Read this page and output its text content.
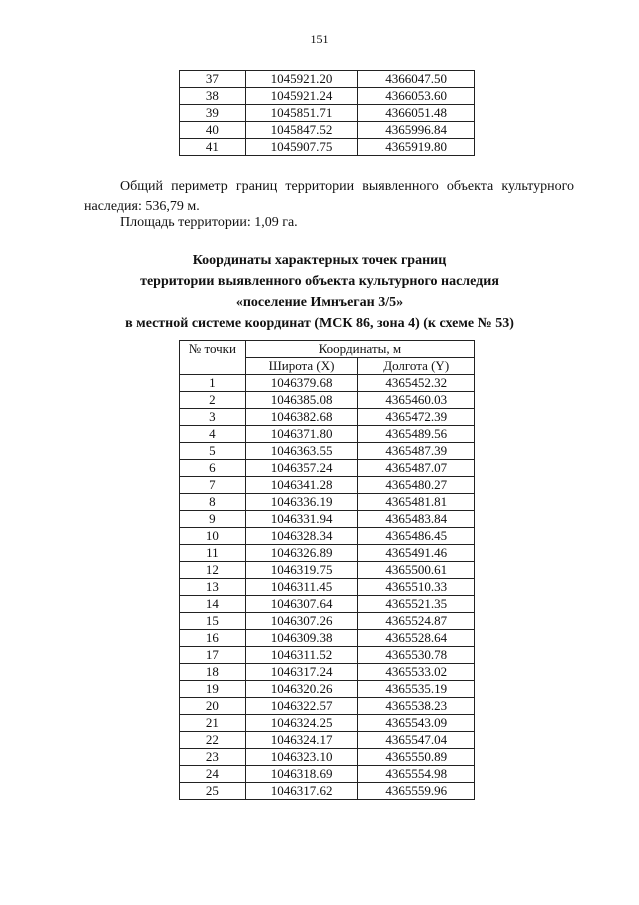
151
37	1045921.20	4366047.50
38	1045921.24	4366053.60
39	1045851.71	4366051.48
40	1045847.52	4365996.84
41	1045907.75	4365919.80
Общий периметр границ территории выявленного объекта культурного наследия: 536,79 м.
Площадь территории: 1,09 га.
Координаты характерных точек границ
территории выявленного объекта культурного наследия
«поселение Имнъеган 3/5»
в местной системе координат (МСК 86, зона 4) (к схеме № 53)
№ точки	Координаты, м	
	Широта (X)	Долгота (Y)
1	1046379.68	4365452.32
2	1046385.08	4365460.03
3	1046382.68	4365472.39
4	1046371.80	4365489.56
5	1046363.55	4365487.39
6	1046357.24	4365487.07
7	1046341.28	4365480.27
8	1046336.19	4365481.81
9	1046331.94	4365483.84
10	1046328.34	4365486.45
11	1046326.89	4365491.46
12	1046319.75	4365500.61
13	1046311.45	4365510.33
14	1046307.64	4365521.35
15	1046307.26	4365524.87
16	1046309.38	4365528.64
17	1046311.52	4365530.78
18	1046317.24	4365533.02
19	1046320.26	4365535.19
20	1046322.57	4365538.23
21	1046324.25	4365543.09
22	1046324.17	4365547.04
23	1046323.10	4365550.89
24	1046318.69	4365554.98
25	1046317.62	4365559.96
